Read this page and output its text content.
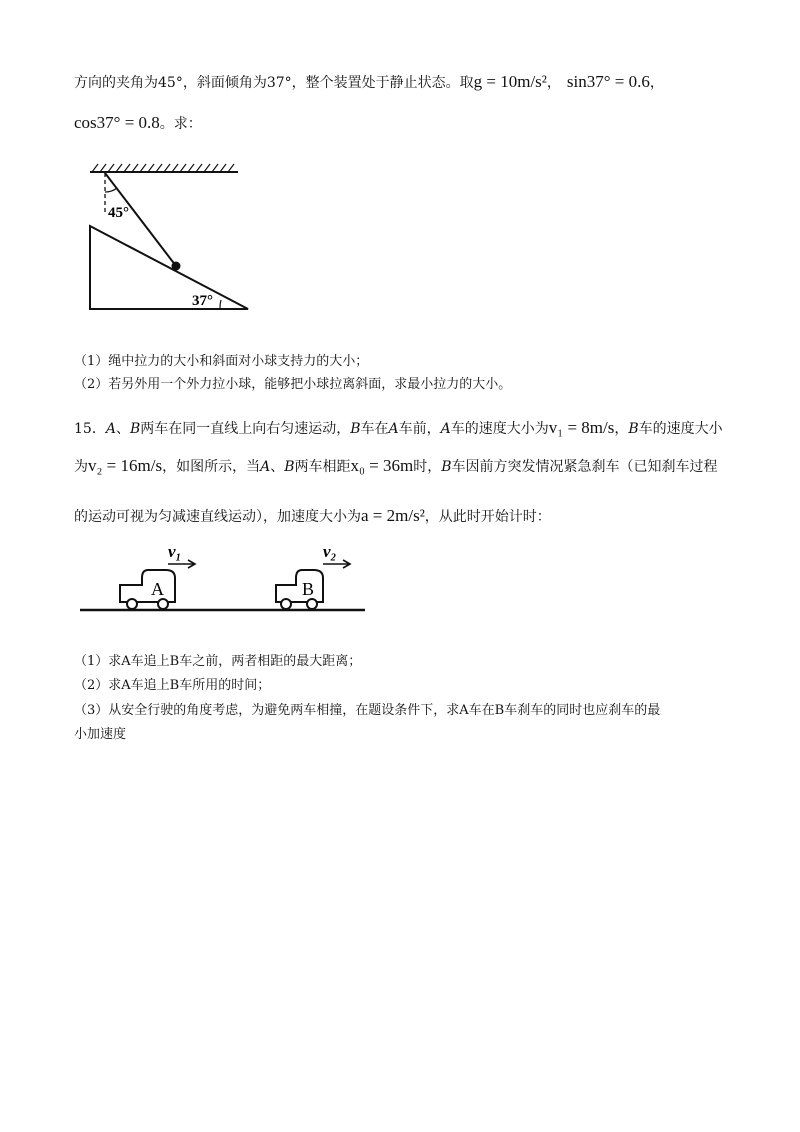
方向的夹角为45°，斜面倾角为37°，整个装置处于静止状态。取g = 10m/s²， sin37° = 0.6，
cos37° = 0.8。求：
45°
37°
（1）绳中拉力的大小和斜面对小球支持力的大小；
（2）若另外用一个外力拉小球，能够把小球拉离斜面，求最小拉力的大小。
15．A、B两车在同一直线上向右匀速运动，B车在A车前，A车的速度大小为v₁ = 8m/s，B车的速度大小
为v₂ = 16m/s，如图所示，当A、B两车相距x₀ = 36m时，B车因前方突发情况紧急刹车（已知刹车过程
的运动可视为匀减速直线运动），加速度大小为a = 2m/s²，从此时开始计时：
A
v₁
B
v₂
（1）求A车追上B车之前，两者相距的最大距离；
（2）求A车追上B车所用的时间；
（3）从安全行驶的角度考虑，为避免两车相撞，在题设条件下，求A车在B车刹车的同时也应刹车的最
小加速度
